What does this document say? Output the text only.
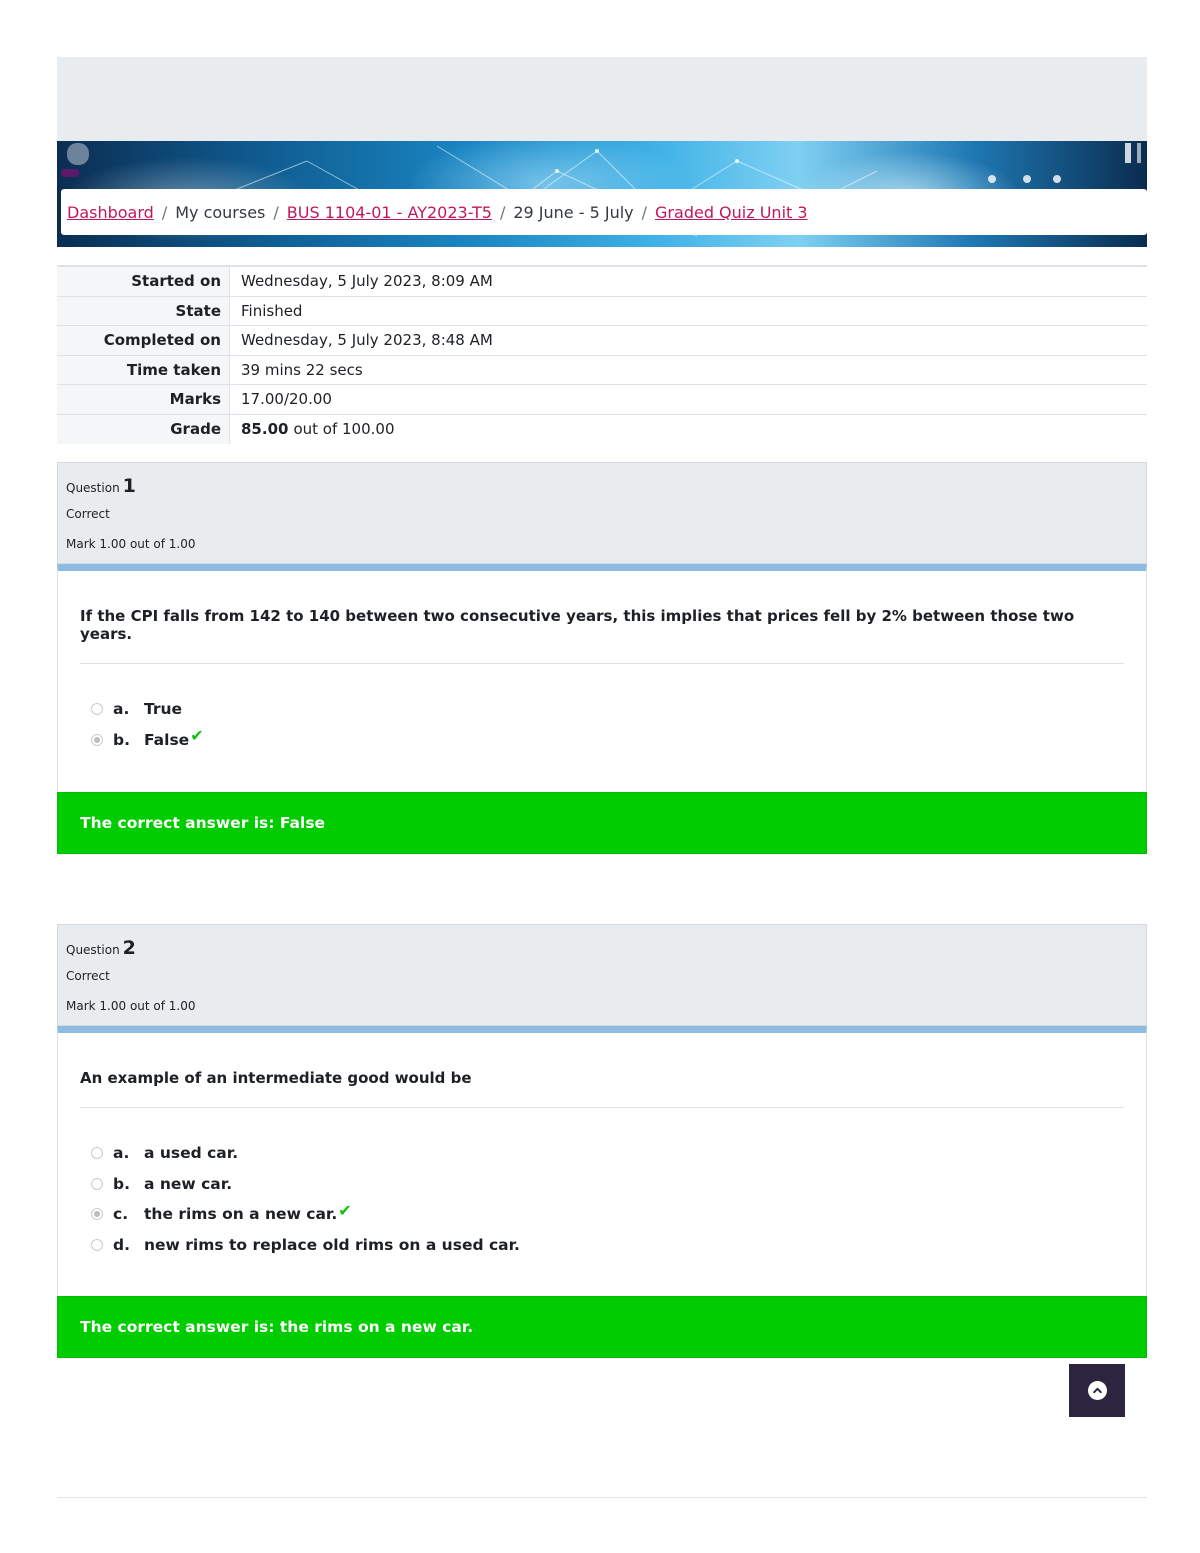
Dashboard / My courses / BUS 1104-01 - AY2023-T5 / 29 June - 5 July / Graded Quiz Unit 3
Started on	Wednesday, 5 July 2023, 8:09 AM
State	Finished
Completed on	Wednesday, 5 July 2023, 8:48 AM
Time taken	39 mins 22 secs
Marks	17.00/20.00
Grade	85.00 out of 100.00
Question 1
Correct
Mark 1.00 out of 1.00
If the CPI falls from 142 to 140 between two consecutive years, this implies that prices fell by 2% between those two years.
a. True
b. False ✔
The correct answer is: False
Question 2
Correct
Mark 1.00 out of 1.00
An example of an intermediate good would be
a. a used car.
b. a new car.
c.	the rims on a new car. ✔
d. new rims to replace old rims on a used car.
The correct answer is: the rims on a new car.
